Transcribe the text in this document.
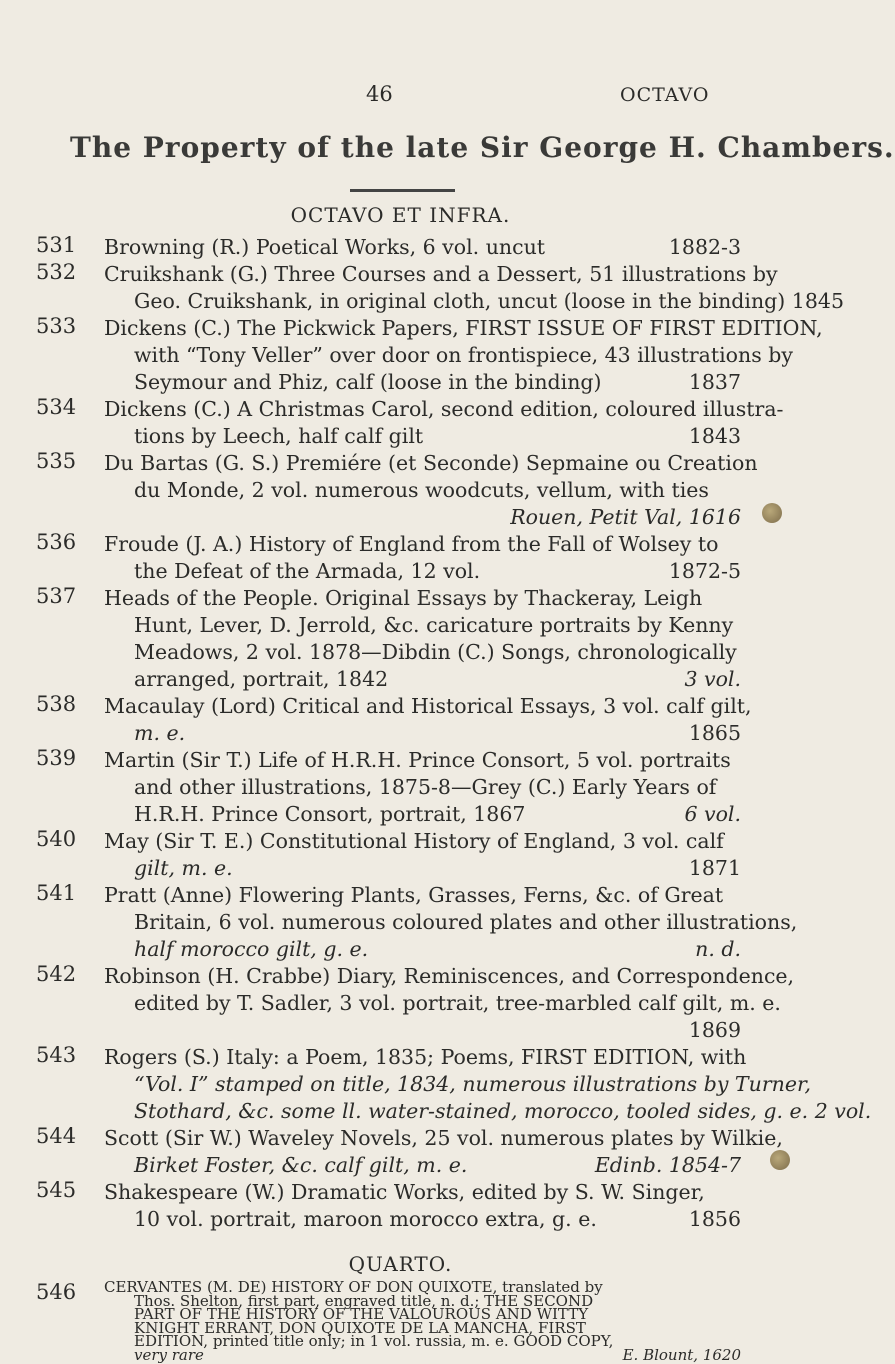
46	OCTAVO
The Property of the late Sir George H. Chambers.
OCTAVO ET INFRA.
QUARTO.
531	Browning (R.) Poetical Works, 6 vol. uncut	1882-3
532	Cruikshank (G.) Three Courses and a Dessert, 51 illustrations by
Geo. Cruikshank, in original cloth, uncut (loose in the binding) 1845
533	Dickens (C.) The Pickwick Papers, FIRST ISSUE OF FIRST EDITION,
with “Tony Veller” over door on frontispiece, 43 illustrations by
Seymour and Phiz, calf (loose in the binding)	1837
534	Dickens (C.) A Christmas Carol, second edition, coloured illustra-
tions by Leech, half calf gilt	1843
535	Du Bartas (G. S.) Premiére (et Seconde) Sepmaine ou Creation
du Monde, 2 vol. numerous woodcuts, vellum, with ties
Rouen, Petit Val, 1616
536	Froude (J. A.) History of England from the Fall of Wolsey to
the Defeat of the Armada, 12 vol.	1872-5
537	Heads of the People. Original Essays by Thackeray, Leigh
Hunt, Lever, D. Jerrold, &c. caricature portraits by Kenny
Meadows, 2 vol. 1878—Dibdin (C.) Songs, chronologically
arranged, portrait, 1842	3 vol.
538	Macaulay (Lord) Critical and Historical Essays, 3 vol. calf gilt,
m. e.	1865
539	Martin (Sir T.) Life of H.R.H. Prince Consort, 5 vol. portraits
and other illustrations, 1875-8—Grey (C.) Early Years of
H.R.H. Prince Consort, portrait, 1867	6 vol.
540	May (Sir T. E.) Constitutional History of England, 3 vol. calf
gilt, m. e.	1871
541	Pratt (Anne) Flowering Plants, Grasses, Ferns, &c. of Great
Britain, 6 vol. numerous coloured plates and other illustrations,
half morocco gilt, g. e.	n. d.
542	Robinson (H. Crabbe) Diary, Reminiscences, and Correspondence,
edited by T. Sadler, 3 vol. portrait, tree-marbled calf gilt, m. e.
1869
543	Rogers (S.) Italy: a Poem, 1835; Poems, FIRST EDITION, with
“Vol. I” stamped on title, 1834, numerous illustrations by Turner,
Stothard, &c. some ll. water-stained, morocco, tooled sides, g. e. 2 vol.
544	Scott (Sir W.) Waveley Novels, 25 vol. numerous plates by Wilkie,
Birket Foster, &c. calf gilt, m. e.	Edinb. 1854-7
545	Shakespeare (W.) Dramatic Works, edited by S. W. Singer,
10 vol. portrait, maroon morocco extra, g. e.	1856
546	CERVANTES (M. DE) HISTORY OF DON QUIXOTE, translated by
Thos. Shelton, first part, engraved title, n. d.; THE SECOND
PART OF THE HISTORY OF THE VALOUROUS AND WITTY
KNIGHT ERRANT, DON QUIXOTE DE LA MANCHA, FIRST
EDITION, printed title only; in 1 vol. russia, m. e. GOOD COPY,
very rare	E. Blount, 1620
